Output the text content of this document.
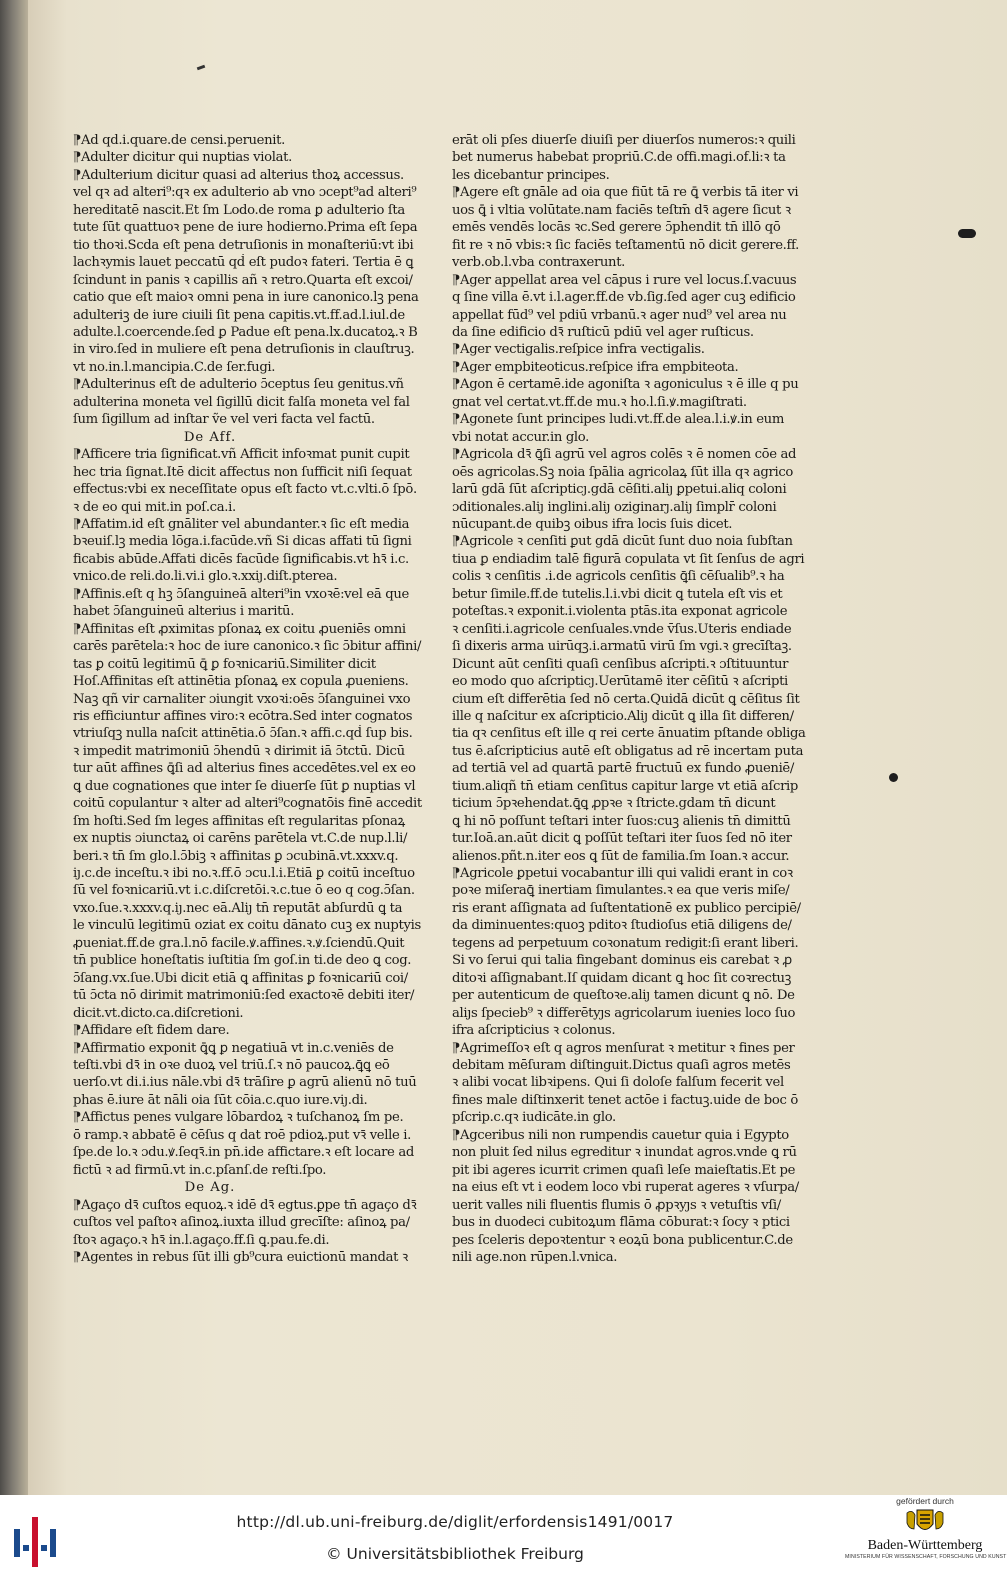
⁋Ad qd.i.quare.de censi.peruenit.

⁋Adulter dicitur qui nuptias violat.

⁋Adulterium dicitur quasi ad alterius thoꝝ accessus.

vel qꝛ ad alteri⁹:qꝛ ex adulterio ab vno ɔcept⁹ad alteri⁹

hereditatē nascit̄.Et ſm Lodo.de roma ꝑ adulterio ſta

tute ſūt quattuoꝛ pene de iure hodierno.Prima eſt ſepa

tio thoꝛi.Scda eſt pena detruſionis in monaſteriū:vt ibi

lachꝛymis lauet peccatū qḋ eſt pudoꝛ fateri. Tertia ē ꝗ

ſcindunt̄ in panis ꝛ capillis añ ꝛ retro.Quarta eſt excoi/

catio que eſt maioꝛ omni pena in iure canonico.lꝫ pena

adulteriꝫ de iure ciuili ſit pena capitis.vt.ff.ad.l.iul.de

adulte.l.coercende.ſed ꝑ Padue eſt pena.lx.ducatoꝝ.ꝛ B

in viro.ſed in muliere eſt pena detruſionis in clauſtruꝫ.

vt no.in.l.mancipia.C.de ſer.fugi.

⁋Adulterinus eſt de adulterio ɔ̄ceptus ſeu genitus.vñ

adulterina moneta vel ſigillū dicit̄ falſa moneta vel fal

ſum ſigillum ad inſtar ṽe vel veri facta vel factū.

De Aff.

⁋Afficere tria ſignificat.vñ Afficit infoꝛmat punit cupit

hec tria ſignat̄.Itē dicit̄ affectus non ſufficit niſi ſequat̄

effectus:vbi ex neceſſitate opus eſt facto vt.c.vlti.ō ſpō.

ꝛ de eo qui mit.in poſ.ca.i.

⁋Affatim.id eſt gnāliter vel abundanter.ꝛ ſic eſt media

bꝛeuiſ.lꝫ media lōga.i.facūde.vñ Si dicas affati tū ſigni

ficabis abūde.Affati dicēs facūde ſignificabis.vt hꝛ̄ i.c.

vnico.de reli.do.li.vi.i glo.ꝛ.xxiȷ.diſt.pterea.

⁋Affinis.eſt q hꝫ ɔ̄ſanguineā alteri⁹in vxoꝛē:vel eā que

habet ɔ̄ſangui̇neū alterius i maritū.

⁋Affinitas eſt ꝓximitas pſonaꝝ ex coitu ꝓueniēs omni

carēs parētela:ꝛ hoc de iure canonico.ꝛ ſic ɔ̄bitur affini/

tas ꝑ coitū legitimū ꝗ̄ ꝑ foꝛnicariū.Similiter dicit

Hoſ.Affinitas eſt attinētia pſonaꝝ ex copula ꝓueniens.

Naꝫ qñ vir carnaliter ɔiungit̄ vxoꝛi:oēs ɔ̄ſanguinei vxo

ris efficiuntur affines viro:ꝛ ecōtra.Sed inter cognatos

vtriuſqꝫ nulla naſcit̄ attinētia.ō ɔ̄ſan.ꝛ affi.c.qḋ ſup bis.

ꝛ impedit matrimoniū ɔ̄hendū ꝛ dirimit iā ɔ̄tctū. Dicū

tur aūt affines ꝗ̄ſi ad alterius fines accedētes.vel ex eo

ꝗ due cognationes que inter ſe diuerſe ſūt ꝑ nuptias vl̄

coitū copulantur ꝛ alter ad alteri⁹cognatōis finē accedit

ſm hoſti.Sed ſm leges affinitas eſt regularitas pſonaꝝ

ex nuptis ɔiunctaꝝ oi carēns parētela vt.C.de nup.l.li/

beri.ꝛ tn̄ ſm glo.l.ɔ̄biꝫ ꝛ affinitas ꝑ ɔcubinā.vt.xxxv.q.

iȷ.c.de inceſtu.ꝛ ibi no.ꝛ.ff.ō ɔcu.l.i.Etiā ꝑ coitū inceſtuo

ſū vel foꝛnicariū.vt i.c.diſcretōi.ꝛ.c.tue ō eo q cog.ɔ̄ſan.

vxo.ſue.ꝛ.xxxv.q.iȷ.nec eā.Aliȷ tn̄ reputāt abſurdū ꝗ ta

le vinculū legitimū oziat̄ ex coitu dānato cuꝫ ex nuptyis

ꝓueniat.ff.de gra.l.nō facile.ꝟ.affines.ꝛ.ꝟ.ſciendū.Quit

tn̄ publice honeſtatis iuſtitia ſm goſ.in ti.de deo ꝗ cog.

ɔ̄ſang.vx.ſue.Ubi dicit etiā ꝗ affinitas ꝑ foꝛnicariū coi/

tū ɔ̄cta nō dirimit matrimoniū:ſed exactoꝛē debiti iter/

dicit.vt.dicto.ca.diſcretioni.

⁋Affidare eſt fidem dare.

⁋Affirmatio exponit̄ ꝗ̄ꝗ ꝑ negatiuā vt in.c.veniēs de

teſti.vbi dꝛ̄ in oꝛe duoꝝ vel triū.ſ.ꝛ nō paucoꝝ.ꝗ̄ꝗ eō

uerſo.vt di.i.ius nāle.vbi dꝛ̄ trāſire ꝑ agrū alienū nō tuū

phas ē.iure āt nāli oia ſūt cōia.c.quo iure.viȷ.di.

⁋Affictus penes vulgare lōbardoꝝ ꝛ tuſchanoꝝ ſm pe.

ō ramp.ꝛ abbatē ē cēſus q dat̄ roē pdioꝝ.put vꝛ̄ velle i.

ſpe.de lo.ꝛ ɔdu.ꝟ.ſeqꝛ̄.in pn̄.ide affictare.ꝛ eſt locare ad

fictū ꝛ ad firmū.vt in.c.pſanſ.de reſti.ſpo.

De Ag.

⁋Agaço dꝛ̄ cuſtos equoꝝ.ꝛ idē dꝛ̄ egtus.ꝑpe tn̄ agaço dꝛ̄

cuſtos vel paſtoꝛ aſinoꝝ.iuxta illud grecīſte: aſinoꝝ pa/

ſtoꝛ agaço.ꝛ hꝛ̄ in.l.agaço.ff.ſi ꝗ.pau.fe.di.

⁋Agentes in rebus ſūt illi gb⁹cura euictionū mandat̄ ꝛ

erāt oli pſes diuerſe diuiſi per diuerſos numeros:ꝛ quili

bet numerus habebat propriū.C.de offi.magi.of.li:ꝛ ta

les dicebantur principes.

⁋Agere eſt gnāle ad oia que fiūt tā re ꝗ̄ verbis tā iter vi

uos ꝗ̄ i vltia volūtate.nam faciēs teſtm̄ dꝛ̄ agere ſicut ꝛ

emēs vendēs locās ꝛc.Sed gerere ɔ̄phendit tn̄ illō qō

fit re ꝛ nō vbis:ꝛ ſic faciēs teſtamentū nō dicit̄ gerere.ff.

verb.ob.l.vba contraxerunt.

⁋Ager appellat̄ area vel cāpus i rure vel locus.ſ.vacuus

q ſine villa ē.vt i.l.ager.ff.de vb.ſig.ſed ager cuꝫ edificio

appellat̄ fūd⁹ vel pdiū vrbanū.ꝛ ager nud⁹ vel area nu

da ſine edificio dꝛ̄ ruſticū pdiū vel ager ruſticus.

⁋Ager vectigalis.reſpice infra vectigalis.

⁋Ager empbiteoticus.reſpice ifra empbiteota.

⁋Agon ē certamē.ide agoniſta ꝛ agoniculus ꝛ ē ille q pu

gnat vel certat.vt.ff.de mu.ꝛ ho.l.ſi.ꝟ.magiſtrati.

⁋Agonete ſunt principes ludi.vt.ff.de alea.l.i.ꝟ.in eum

vbi notat accur.in glo.

⁋Agricola dꝛ̄ ꝗ̄ſi agrū vel agros colēs ꝛ ē nomen cōe ad

oēs agricolas.Sꝫ noia ſpālia agricolaꝝ ſūt illa qꝛ agrico

larū gdā ſūt aſcripticȷ.gdā cēſiti.aliȷ ꝑpetui.aliq coloni

ɔditionales.aliȷ inglini.aliȷ oziginarȷ.aliȷ ſimplr̄ coloni

nūcupant̄.de quibꝫ oibus ifra locis ſuis dicet̄.

⁋Agricole ꝛ cenſiti ꝑut gdā dicūt ſunt duo noia ſubſtan

tiua ꝑ endiadim talē figurā copulata vt ſit ſenſus de agri

colis ꝛ cenſitis .i.de agricols cenſitis ꝗ̄ſi cēſualib⁹.ꝛ ha

betur ſimile.ff.de tutelis.l.i.vbi dicit̄ ꝗ tutela eſt vis et

poteſtas.ꝛ exponit̄.i.violenta ptās.ita exponat̄ agricole

ꝛ cenſiti.i.agricole cenſuales.vnde v̄ſus.Uteris endiade

ſi dixeris arma uirūqꝫ.i.armatū virū ſm vgi.ꝛ grecīſtaꝫ.

Dicunt̄ aūt cenſiti quaſi cenſibus aſcripti.ꝛ ɔſtituuntur

eo modo quo aſcripticȷ.Uerūtamē iter cēſitū ꝛ aſcripti

cium eſt differētia ſed nō certa.Quidā dicūt ꝗ cēſitus ſit

ille q naſcitur ex aſcripticio.Aliȷ dicūt ꝗ illa ſit differen/

tia qꝛ cenſitus eſt ille q rei certe ānuatim pſtande obliga

tus ē.aſcripticius autē eſt obligatus ad rē incertam puta

ad tertiā vel ad quartā partē fructuū ex fundo ꝓueniē/

tium.aliqñ tn̄ etiam cenſitus capitur large vt etiā aſcrip

ticium ɔ̄pꝛehendat.ꝗ̄ꝗ ꝓpꝛe ꝛ ſtricte.gdam tn̄ dicunt

ꝗ hi nō poſſunt teſtari inter ſuos:cuꝫ alienis tn̄ dimittū

tur.Ioā.an.aūt dicit ꝗ poſſūt teſtari iter ſuos ſed nō iter

alienos.pñt.n.iter eos ꝗ ſūt de familia.ſm Ioan.ꝛ accur.

⁋Agricole ꝑpetui vocabantur illi qui validi erant in coꝛ

poꝛe miſeraꝗ̄ inertiam ſimulantes.ꝛ ea que veris miſe/

ris erant aſſignata ad ſuſtentationē ex publico percipiē/

da diminuentes:quoꝫ pditoꝛ ſtudioſus etiā diligens de/

tegens ad perpetuum coꝛonatum redigit:ſi erant liberi.

Si vo ſerui qui talia fingebant dominus eis carebat ꝛ ꝓ

ditoꝛi aſſignabant̄.Iſ quidam dicant ꝗ hoc ſit coꝛrectuꝫ

per autenticum de queſtoꝛe.aliȷ tamen dicunt ꝗ nō. De

aliȷs ſpecieb⁹ ꝛ differētyȷs agricolarum iuenies loco ſuo

ifra aſcripticius ꝛ colonus.

⁋Agrimeſſoꝛ eſt q agros menſurat ꝛ metitur ꝛ fines per

debitam mēſuram diſtinguit.Dictus quaſi agros metēs

ꝛ alibi vocat̄ libꝛipens. Qui ſi doloſe falſum fecerit vel

fines male diſtinxerit tenet̄ actōe i factuꝫ.uide de boc ō

pſcrip.c.qꝛ iudicāte.in glo.

⁋Agceribus nili non rumpendis cauetur quia i Egypto

non pluit ſed nilus egreditur ꝛ inundat agros.vnde ꝗ rū

pit ibi ageres icurrit crimen quaſi leſe maieſtatis.Et pe

na eius eſt vt i eodem loco vbi ruperat ageres ꝛ vſurpa/

uerit valles nili fluentis flumis ō ꝓpꝛyȷs ꝛ vetuſtis vſi/

bus in duodeci cubitoꝝum flāma cōburat̄:ꝛ ſocy ꝛ ptici

pes ſceleris depoꝛtentur ꝛ eoꝝū bona publicentur.C.de

nili age.non rūpen.l.vnica.

http://dl.ub.uni-freiburg.de/diglit/erfordensis1491/0017
© Universitätsbibliothek Freiburg
gefördert durch
Baden-Württemberg
MINISTERIUM FÜR WISSENSCHAFT, FORSCHUNG UND KUNST
